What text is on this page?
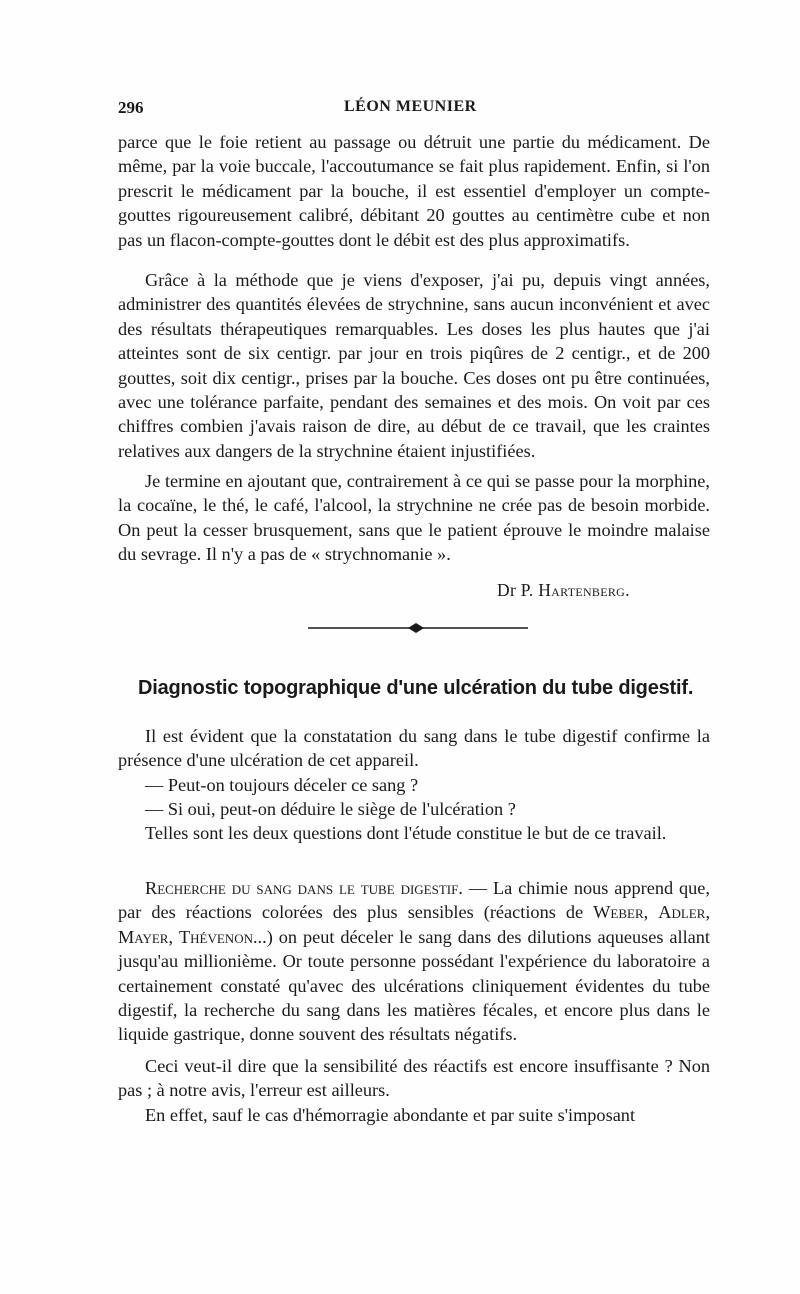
296	LÉON MEUNIER

parce que le foie retient au passage ou détruit une partie du médicament. De même, par la voie buccale, l'accoutumance se fait plus rapidement. Enfin, si l'on prescrit le médicament par la bouche, il est essentiel d'employer un compte-gouttes rigoureusement calibré, débitant 20 gouttes au centimètre cube et non pas un flacon-compte-gouttes dont le débit est des plus approximatifs.

Grâce à la méthode que je viens d'exposer, j'ai pu, depuis vingt années, administrer des quantités élevées de strychnine, sans aucun inconvénient et avec des résultats thérapeutiques remarquables. Les doses les plus hautes que j'ai atteintes sont de six centigr. par jour en trois piqûres de 2 centigr., et de 200 gouttes, soit dix centigr., prises par la bouche. Ces doses ont pu être continuées, avec une tolérance parfaite, pendant des semaines et des mois. On voit par ces chiffres combien j'avais raison de dire, au début de ce travail, que les craintes relatives aux dangers de la strychnine étaient injustifiées.

Je termine en ajoutant que, contrairement à ce qui se passe pour la morphine, la cocaïne, le thé, le café, l'alcool, la strychnine ne crée pas de besoin morbide. On peut la cesser brusquement, sans que le patient éprouve le moindre malaise du sevrage. Il n'y a pas de « strychnomanie ».

Dr P. Hartenberg.
Diagnostic topographique d'une ulcération du tube digestif.

Il est évident que la constatation du sang dans le tube digestif confirme la présence d'une ulcération de cet appareil.

— Peut-on toujours déceler ce sang ?

— Si oui, peut-on déduire le siège de l'ulcération ?

Telles sont les deux questions dont l'étude constitue le but de ce travail.

Recherche du sang dans le tube digestif. — La chimie nous apprend que, par des réactions colorées des plus sensibles (réactions de Weber, Adler, Mayer, Thévenon...) on peut déceler le sang dans des dilutions aqueuses allant jusqu'au millionième. Or toute personne possédant l'expérience du laboratoire a certainement constaté qu'avec des ulcérations cliniquement évidentes du tube digestif, la recherche du sang dans les matières fécales, et encore plus dans le liquide gastrique, donne souvent des résultats négatifs.

Ceci veut-il dire que la sensibilité des réactifs est encore insuffisante ? Non pas ; à notre avis, l'erreur est ailleurs.

En effet, sauf le cas d'hémorragie abondante et par suite s'imposant
